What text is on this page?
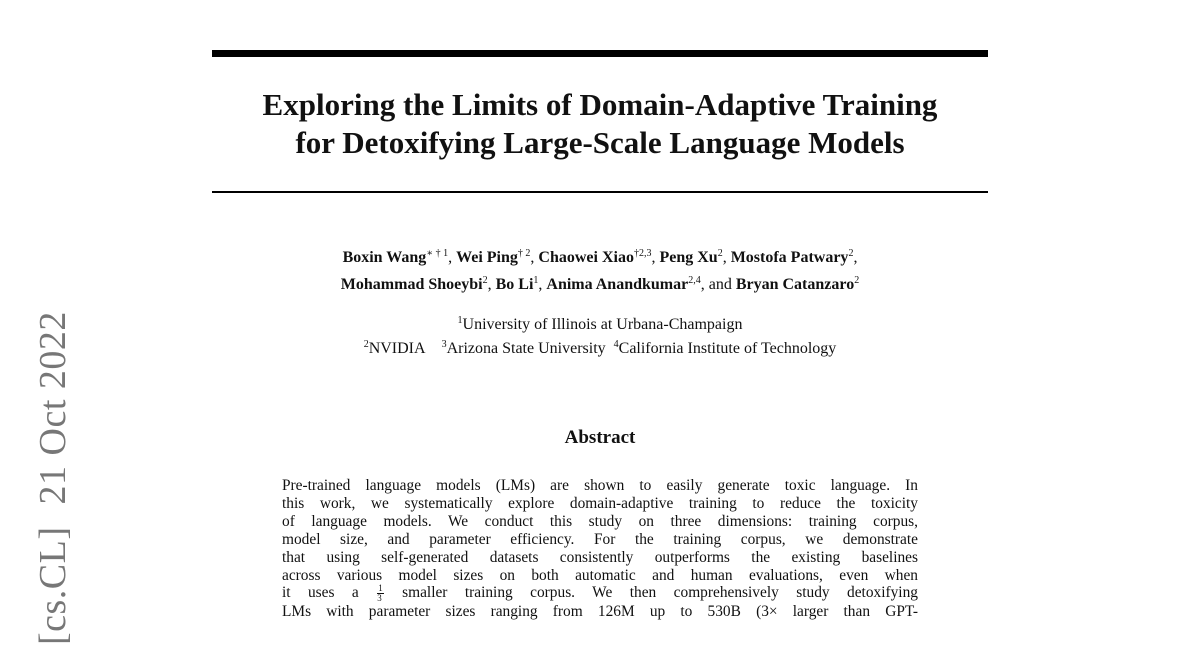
[cs.CL]21 Oct 2022
Exploring the Limits of Domain-Adaptive Training
for Detoxifying Large-Scale Language Models
Boxin Wang$^{∗ \dagger 1}$, Wei Ping$^{\dagger 2}$, Chaowei Xiao$^{\dagger 2,3}$, Peng Xu$^2$, Mostofa Patwary$^2$,
Mohammad Shoeybi$^2$, Bo Li$^1$, Anima Anandkumar$^{2,4}$, and Bryan Catanzaro$^2$
$^1$University of Illinois at Urbana-Champaign
$^2$NVIDIA $^3$Arizona State University $^4$California Institute of Technology
Abstract
Pre-trained language models (LMs) are shown to easily generate toxic language. In
this work, we systematically explore domain-adaptive training to reduce the toxicity
of language models. We conduct this study on three dimensions: training corpus,
model size, and parameter efficiency. For the training corpus, we demonstrate
that using self-generated datasets consistently outperforms the existing baselines
across various model sizes on both automatic and human evaluations, even when
it uses a $\frac{1}{3}$ smaller training corpus. We then comprehensively study detoxifying
LMs with parameter sizes ranging from 126M up to 530B (3× larger than GPT-
